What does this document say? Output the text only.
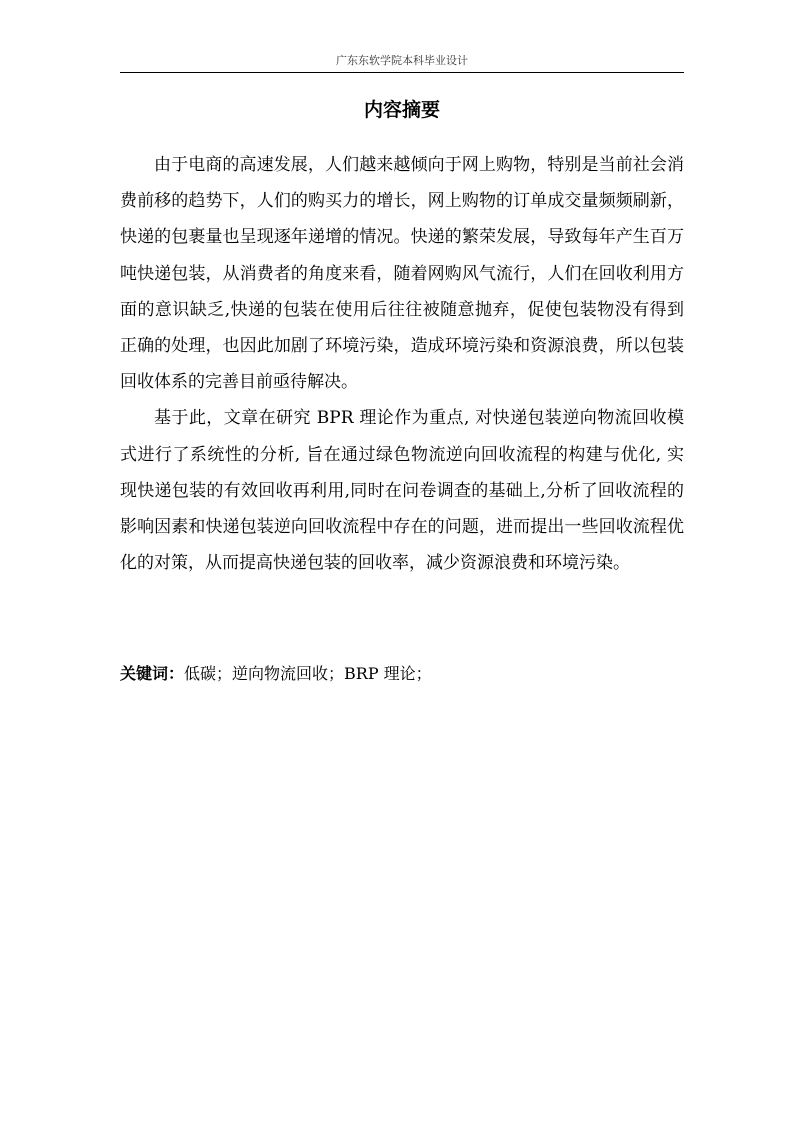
广东东软学院本科毕业设计
内容摘要

由于电商的高速发展，人们越来越倾向于网上购物，特别是当前社会消费前移的趋势下，人们的购买力的增长，网上购物的订单成交量频频刷新，快递的包裹量也呈现逐年递增的情况。快递的繁荣发展，导致每年产生百万吨快递包装，从消费者的角度来看，随着网购风气流行，人们在回收利用方面的意识缺乏,快递的包装在使用后往往被随意抛弃，促使包装物没有得到正确的处理，也因此加剧了环境污染，造成环境污染和资源浪费，所以包装回收体系的完善目前亟待解决。

基于此，文章在研究 BPR 理论作为重点, 对快递包装逆向物流回收模式进行了系统性的分析, 旨在通过绿色物流逆向回收流程的构建与优化, 实现快递包装的有效回收再利用,同时在问卷调查的基础上,分析了回收流程的影响因素和快递包装逆向回收流程中存在的问题，进而提出一些回收流程优化的对策，从而提高快递包装的回收率，减少资源浪费和环境污染。

关键词：低碳；逆向物流回收；BRP 理论；
